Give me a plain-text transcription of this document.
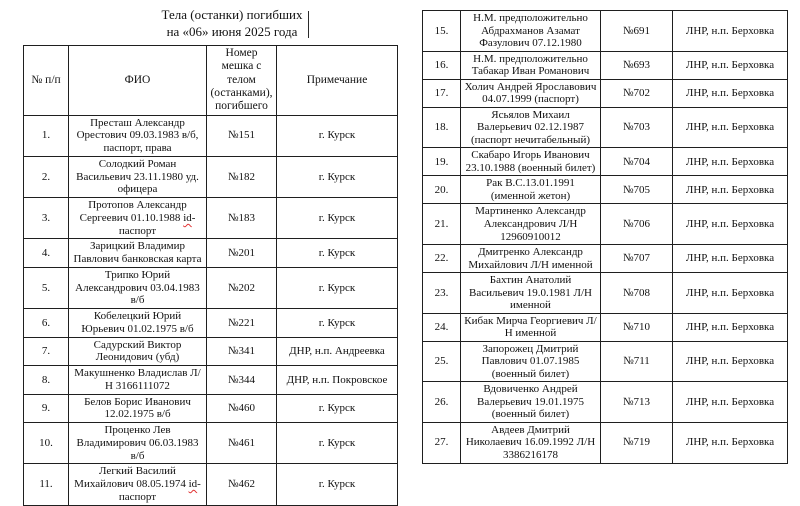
Тела (останки) погибших
на «06» июня 2025 года
№ п/п	ФИО	Номер мешка с телом (останками), погибшего	Примечание
1.	Престаш Александр Орестович 09.03.1983 в/б, паспорт, права	№151	г. Курск
2.	Солодкий Роман Васильевич 23.11.1980 уд. офицера	№182	г. Курск
3.	Протопов Александр Сергеевич 01.10.1988 id-паспорт	№183	г. Курск
4.	Зарицкий Владимир Павлович банковская карта	№201	г. Курск
5.	Трипко Юрий Александрович 03.04.1983 в/б	№202	г. Курск
6.	Кобелецкий Юрий Юрьевич 01.02.1975 в/б	№221	г. Курск
7.	Садурский Виктор Леонидович (убд)	№341	ДНР, н.п. Андреевка
8.	Макушненко Владислав Л/Н 3166111072	№344	ДНР, н.п. Покровское
9.	Белов Борис Иванович 12.02.1975 в/б	№460	г. Курск
10.	Проценко Лев Владимирович 06.03.1983 в/б	№461	г. Курск
11.	Легкий Василий Михайлович 08.05.1974 id-паспорт	№462	г. Курск
15.	Н.М. предположительно Абдрахманов Азамат Фазулович 07.12.1980	№691	ЛНР, н.п. Берховка
16.	Н.М. предположительно Табакар Иван Романович	№693	ЛНР, н.п. Берховка
17.	Холич Андрей Ярославович 04.07.1999 (паспорт)	№702	ЛНР, н.п. Берховка
18.	Ясьялов Михаил Валерьевич 02.12.1987 (паспорт нечитабельный)	№703	ЛНР, н.п. Берховка
19.	Скабаро Игорь Иванович 23.10.1988 (военный билет)	№704	ЛНР, н.п. Берховка
20.	Рак В.С.13.01.1991 (именной жетон)	№705	ЛНР, н.п. Берховка
21.	Мартиненко Александр Александрович Л/Н 12960910012	№706	ЛНР, н.п. Берховка
22.	Дмитренко Александр Михайлович Л/Н именной	№707	ЛНР, н.п. Берховка
23.	Бахтин Анатолий Васильевич 19.0.1981 Л/Н именной	№708	ЛНР, н.п. Берховка
24.	Кибак Мирча Георгиевич Л/Н именной	№710	ЛНР, н.п. Берховка
25.	Запорожец Дмитрий Павлович 01.07.1985 (военный билет)	№711	ЛНР, н.п. Берховка
26.	Вдовиченко Андрей Валерьевич 19.01.1975 (военный билет)	№713	ЛНР, н.п. Берховка
27.	Авдеев Дмитрий Николаевич 16.09.1992 Л/Н 3386216178	№719	ЛНР, н.п. Берховка
